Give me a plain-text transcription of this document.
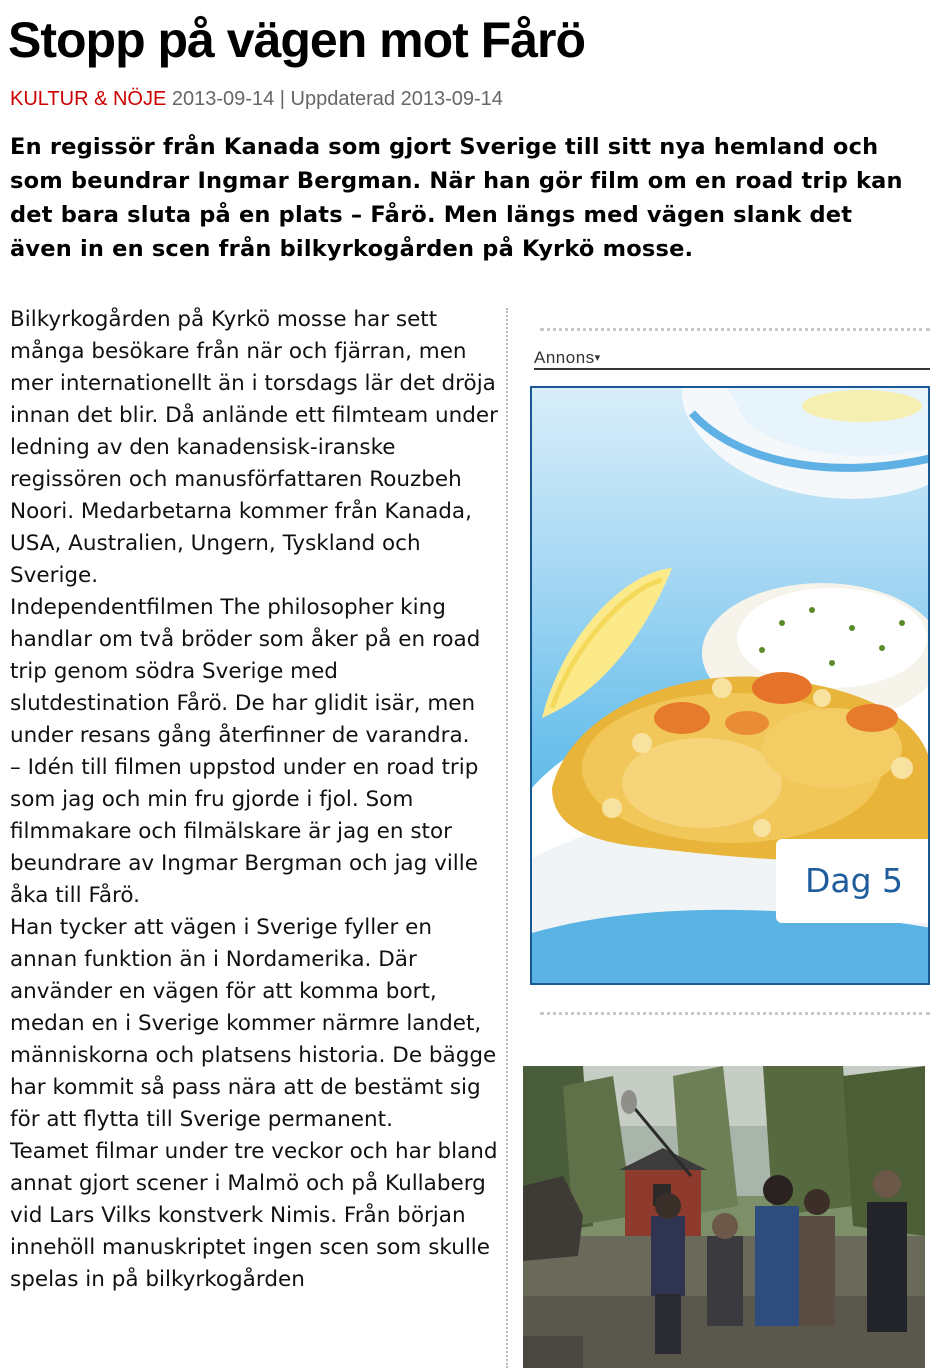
Stopp på vägen mot Fårö
KULTUR & NÖJE 2013-09-14 | Uppdaterad 2013-09-14

En regissör från Kanada som gjort Sverige till sitt nya hemland och som beundrar Ingmar Bergman. När han gör film om en road trip kan det bara sluta på en plats – Fårö. Men längs med vägen slank det även in en scen från bilkyrkogården på Kyrkö mosse.

Bilkyrkogården på Kyrkö mosse har sett många besökare från när och fjärran, men mer internationellt än i torsdags lär det dröja innan det blir. Då anlände ett filmteam under ledning av den kanadensisk-iranske regissören och manusförfattaren Rouzbeh Noori. Medarbetarna kommer från Kanada, USA, Australien, Ungern, Tyskland och Sverige.

Independentfilmen The philosopher king handlar om två bröder som åker på en road trip genom södra Sverige med slutdestination Fårö. De har glidit isär, men under resans gång återfinner de varandra.

– Idén till filmen uppstod under en road trip som jag och min fru gjorde i fjol. Som filmmakare och filmälskare är jag en stor beundrare av Ingmar Bergman och jag ville åka till Fårö.

Han tycker att vägen i Sverige fyller en annan funktion än i Nordamerika. Där använder en vägen för att komma bort, medan en i Sverige kommer närmre landet, människorna och platsens historia. De bägge har kommit så pass nära att de bestämt sig för att flytta till Sverige permanent.

Teamet filmar under tre veckor och har bland annat gjort scener i Malmö och på Kullaberg vid Lars Vilks konstverk Nimis. Från början innehöll manuskriptet ingen scen som skulle spelas in på bilkyrkogården

Annons▾
Dag 5
